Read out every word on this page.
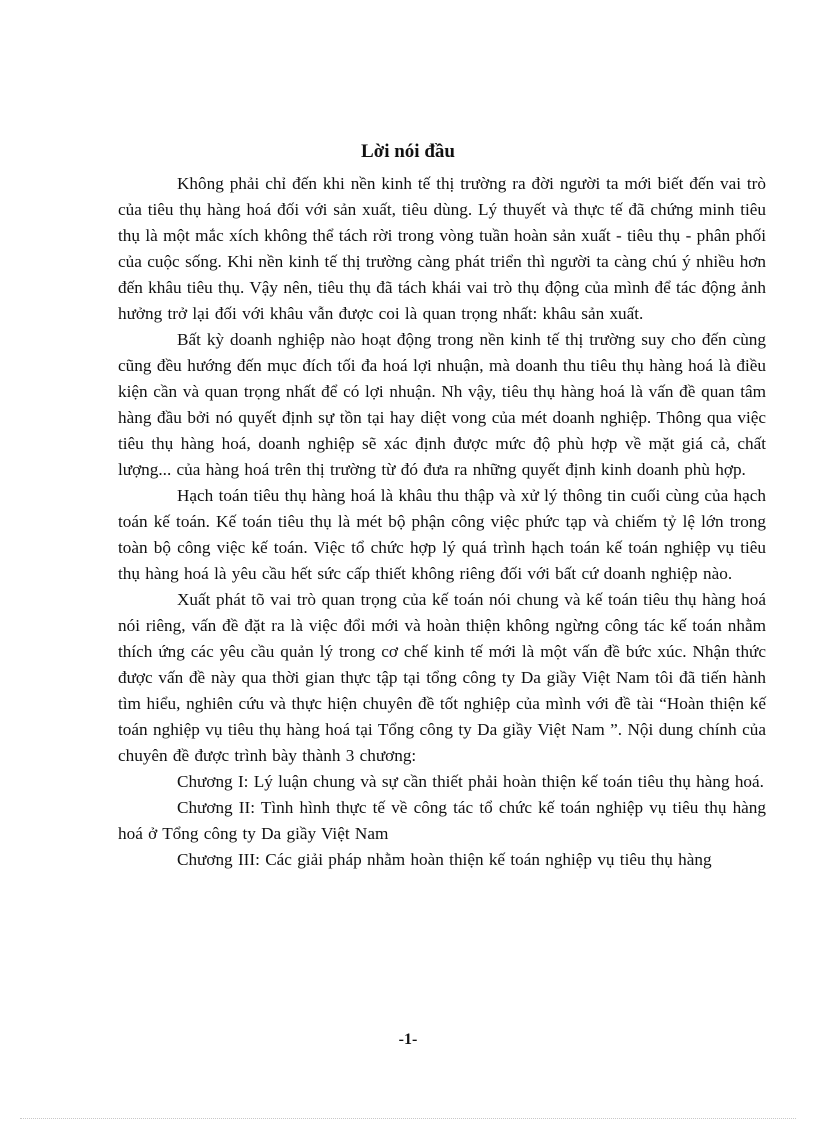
Lời nói đầu

Không phải chỉ đến khi nền kinh tế thị trường ra đời người ta mới biết đến vai trò của tiêu thụ hàng hoá đối với sản xuất, tiêu dùng. Lý thuyết và thực tế đã chứng minh tiêu thụ là một mắc xích không thể tách rời trong vòng tuần hoàn sản xuất - tiêu thụ - phân phối của cuộc sống. Khi nền kinh tế thị trường càng phát triển thì người ta càng chú ý nhiều hơn đến khâu tiêu thụ. Vậy nên, tiêu thụ đã tách khái vai trò thụ động của mình để tác động ảnh hưởng trở lại đối với khâu vẫn được coi là quan trọng nhất: khâu sản xuất.

Bất kỳ doanh nghiệp nào hoạt động trong nền kinh tế thị trường suy cho đến cùng cũng đều hướng đến mục đích tối đa hoá lợi nhuận, mà doanh thu tiêu thụ hàng hoá là điều kiện cần và quan trọng nhất để có lợi nhuận. Nh vậy, tiêu thụ hàng hoá là vấn đề quan tâm hàng đầu bởi nó quyết định sự tồn tại hay diệt vong của mét doanh nghiệp. Thông qua việc tiêu thụ hàng hoá, doanh nghiệp sẽ xác định được mức độ phù hợp về mặt giá cả, chất lượng... của hàng hoá trên thị trường từ đó đưa ra những quyết định kinh doanh phù hợp.

Hạch toán tiêu thụ hàng hoá là khâu thu thập và xử lý thông tin cuối cùng của hạch toán kế toán. Kế toán tiêu thụ là mét bộ phận công việc phức tạp và chiếm tỷ lệ lớn trong toàn bộ công việc kế toán. Việc tổ chức hợp lý quá trình hạch toán kế toán nghiệp vụ tiêu thụ hàng hoá là yêu cầu hết sức cấp thiết không riêng đối với bất cứ doanh nghiệp nào.

Xuất phát tõ vai trò quan trọng của kế toán nói chung và kế toán tiêu thụ hàng hoá nói riêng, vấn đề đặt ra là việc đổi mới và hoàn thiện không ngừng công tác kế toán nhằm thích ứng các yêu cầu quản lý trong cơ chế kinh tế mới là một vấn đề bức xúc. Nhận thức được vấn đề này qua thời gian thực tập tại tổng công ty Da giầy Việt Nam tôi đã tiến hành tìm hiểu, nghiên cứu và thực hiện chuyên đề tốt nghiệp của mình với đề tài “Hoàn thiện kế toán nghiệp vụ tiêu thụ hàng hoá tại Tổng công ty Da giầy Việt Nam ”. Nội dung chính của chuyên đề được trình bày thành 3 chương:

Chương I: Lý luận chung và sự cần thiết phải hoàn thiện kế toán tiêu thụ hàng hoá.

Chương II: Tình hình thực tế về công tác tổ chức kế toán nghiệp vụ tiêu thụ hàng hoá ở Tổng công ty Da giầy Việt Nam

Chương III: Các giải pháp nhằm hoàn thiện kế toán nghiệp vụ tiêu thụ hàng

-1-
